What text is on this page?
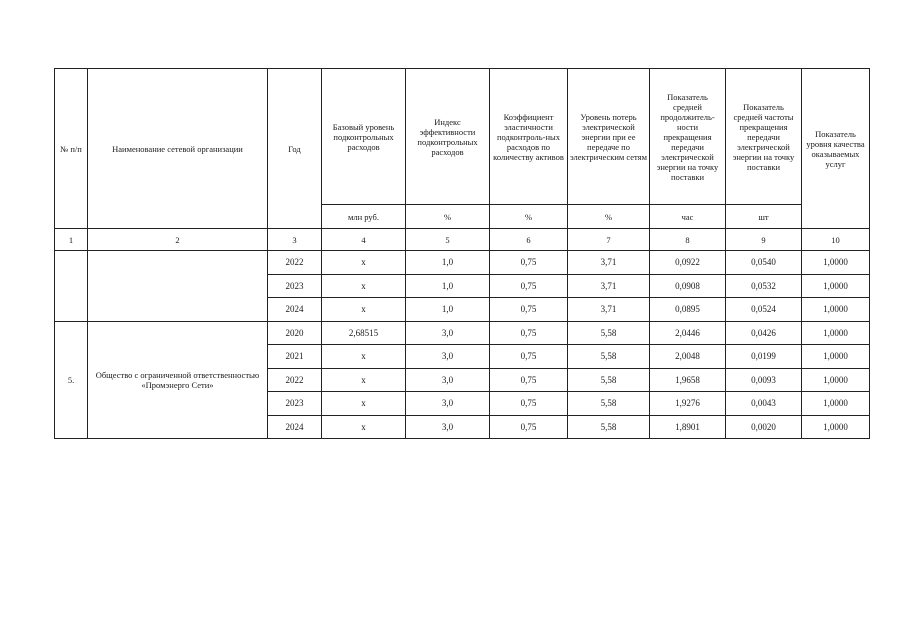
№ п/п	Наименование сетевой организации	Год	Базовый уровень подконтрольных расходов	Индекс эффективности подконтрольных расходов	Коэффициент эластичности подконтроль-ных расходов по количеству активов	Уровень потерь электрической энергии при ее передаче по электрическим сетям	Показатель средней продолжитель-ности прекращения передачи электрической энергии на точку поставки	Показатель средней частоты прекращения передачи электрической энергии на точку поставки	Показатель уровня качества оказываемых услуг
			млн руб.	%	%	%	час	шт	
1	2	3	4	5	6	7	8	9	10
		2022	x	1,0	0,75	3,71	0,0922	0,0540	1,0000
		2023	x	1,0	0,75	3,71	0,0908	0,0532	1,0000
		2024	x	1,0	0,75	3,71	0,0895	0,0524	1,0000
5.	Общество с ограниченной ответственностью «Промэнерго Сети»	2020	2,68515	3,0	0,75	5,58	2,0446	0,0426	1,0000
		2021	x	3,0	0,75	5,58	2,0048	0,0199	1,0000
		2022	x	3,0	0,75	5,58	1,9658	0,0093	1,0000
		2023	x	3,0	0,75	5,58	1,9276	0,0043	1,0000
		2024	x	3,0	0,75	5,58	1,8901	0,0020	1,0000
